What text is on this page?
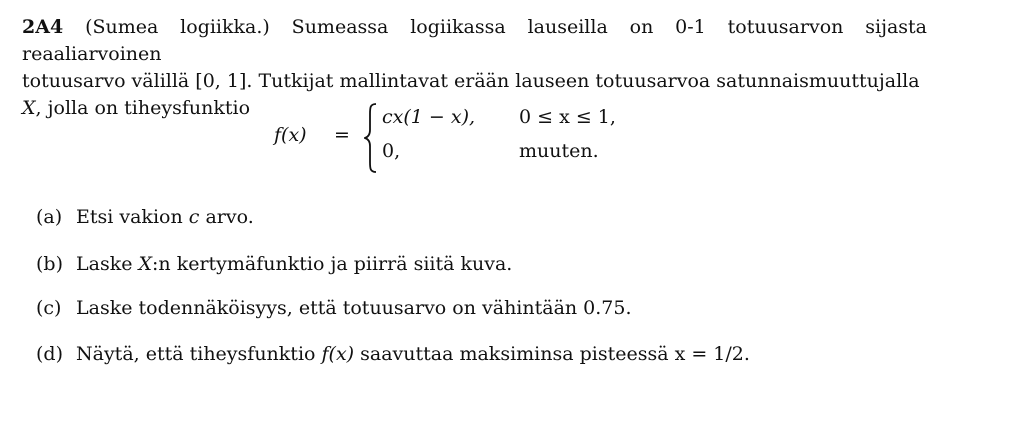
2A4 (Sumea logiikka.) Sumeassa logiikassa lauseilla on 0-1 totuusarvon sijasta reaaliarvoinen
totuusarvo välillä [0, 1]. Tutkijat mallintavat erään lauseen totuusarvoa satunnaismuuttujalla
X, jolla on tiheysfunktio

f(x) =
cx(1 − x),
0,
0 ≤ x ≤ 1,
muuten.
(a) Etsi vakion c arvo.
(b) Laske X:n kertymäfunktio ja piirrä siitä kuva.
(c) Laske todennäköisyys, että totuusarvo on vähintään 0.75.
(d) Näytä, että tiheysfunktio f(x) saavuttaa maksiminsa pisteessä x = 1/2.
